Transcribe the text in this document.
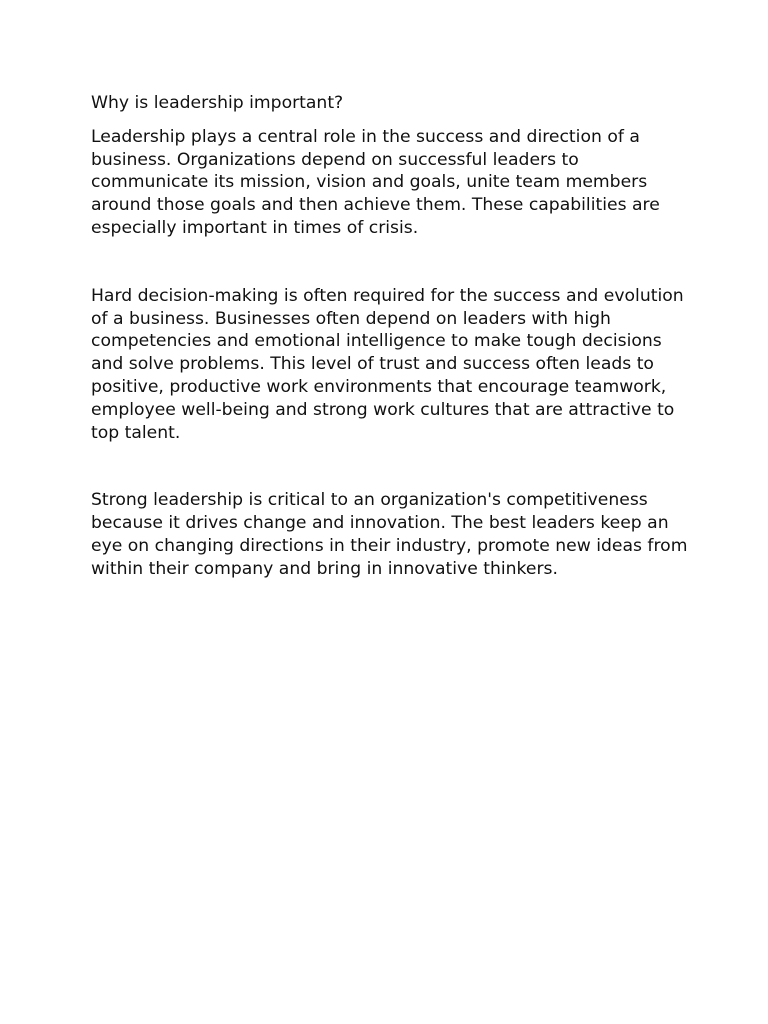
Why is leadership important?

Leadership plays a central role in the success and direction of a business. Organizations depend on successful leaders to communicate its mission, vision and goals, unite team members around those goals and then achieve them. These capabilities are especially important in times of crisis.

Hard decision-making is often required for the success and evolution of a business. Businesses often depend on leaders with high competencies and emotional intelligence to make tough decisions and solve problems. This level of trust and success often leads to positive, productive work environments that encourage teamwork, employee well-being and strong work cultures that are attractive to top talent.

Strong leadership is critical to an organization's competitiveness because it drives change and innovation. The best leaders keep an eye on changing directions in their industry, promote new ideas from within their company and bring in innovative thinkers.
